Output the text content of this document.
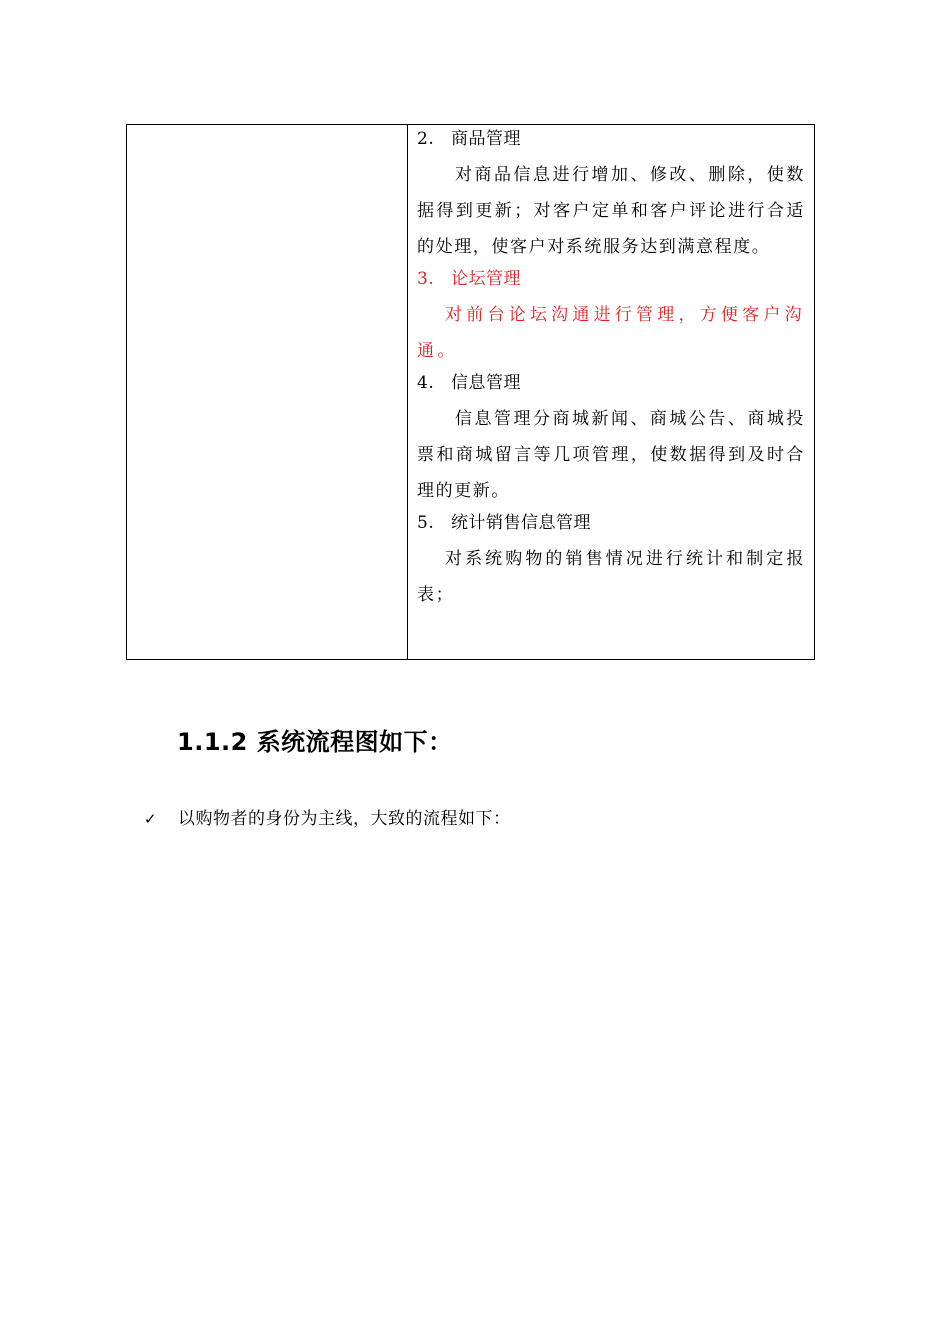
2. 商品管理

对商品信息进行增加、修改、删除，使数据得到更新；对客户定单和客户评论进行合适的处理，使客户对系统服务达到满意程度。

3. 论坛管理

对前台论坛沟通进行管理，方便客户沟通。

4. 信息管理

信息管理分商城新闻、商城公告、商城投票和商城留言等几项管理，使数据得到及时合理的更新。

5. 统计销售信息管理

对系统购物的销售情况进行统计和制定报表；

1.1.2 系统流程图如下：
✓ 以购物者的身份为主线，大致的流程如下：
